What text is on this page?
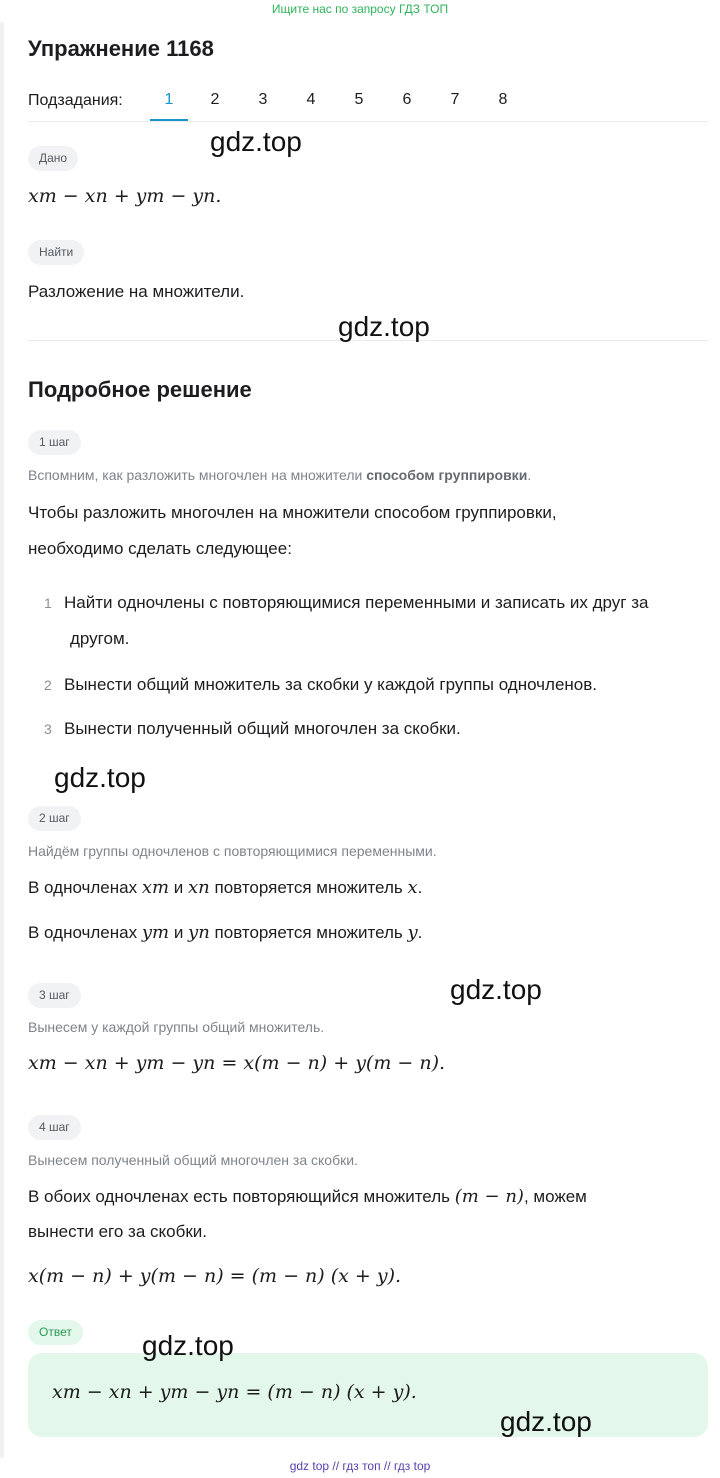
Ищите нас по запросу ГДЗ ТОП
Упражнение 1168
Подзадания:	1	2	3	4	5	6	7	8
Дано
xm − xn + ym − yn.
Найти
Разложение на множители.
Подробное решение
1 шаг
Вспомним, как разложить многочлен на множители способом группировки.
Чтобы разложить многочлен на множители способом группировки,
необходимо сделать следующее:
1 Найти одночлены с повторяющимися переменными и записать их друг за
другом.
2 Вынести общий множитель за скобки у каждой группы одночленов.
3 Вынести полученный общий многочлен за скобки.
2 шаг
Найдём группы одночленов с повторяющимися переменными.
В одночленах xm и xn повторяется множитель x.
В одночленах ym и yn повторяется множитель y.
3 шаг
Вынесем у каждой группы общий множитель.
xm − xn + ym − yn = x(m − n) + y(m − n).
4 шаг
Вынесем полученный общий многочлен за скобки.
В обоих одночленах есть повторяющийся множитель (m − n), можем
вынести его за скобки.
x(m − n) + y(m − n) = (m − n) (x + y).
Ответ
xm − xn + ym − yn = (m − n) (x + y).
gdz.top
gdz.top
gdz.top
gdz.top
gdz.top
gdz.top
gdz top // гдз топ // гдз top
